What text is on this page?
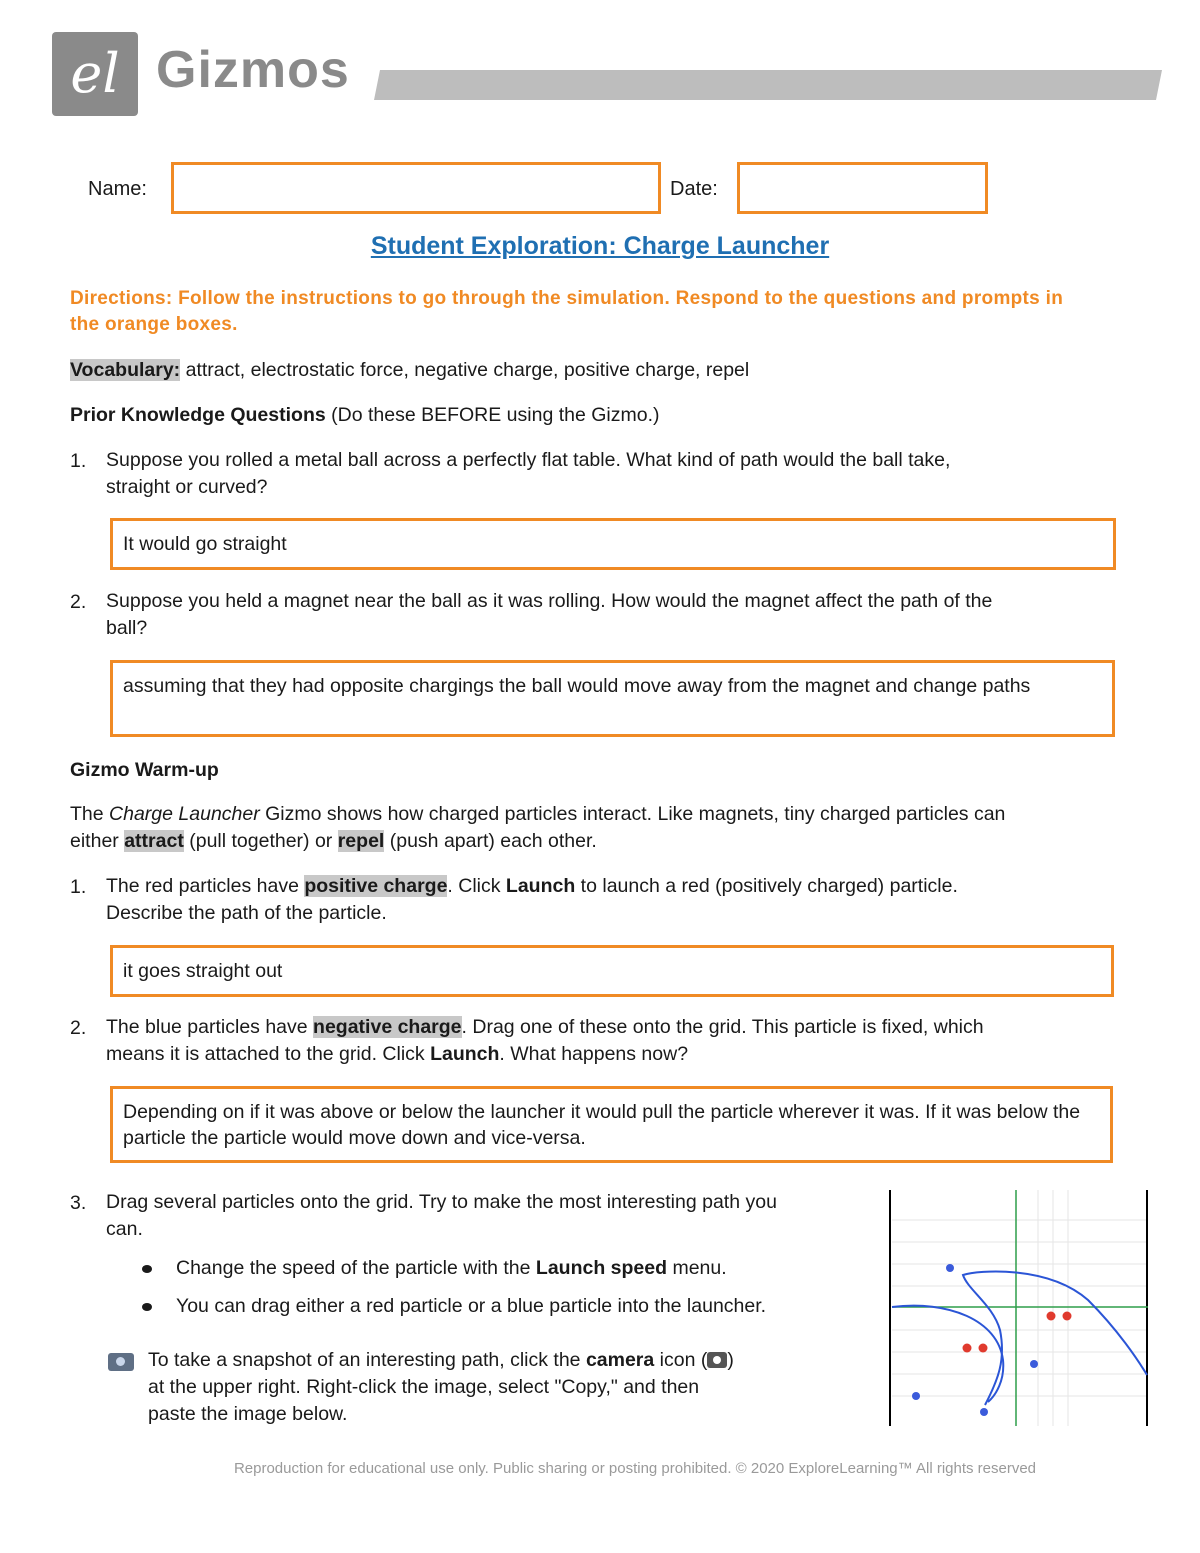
el Gizmos
Name:	Date:
Student Exploration: Charge Launcher
Directions: Follow the instructions to go through the simulation. Respond to the questions and prompts in the orange boxes.
Vocabulary: attract, electrostatic force, negative charge, positive charge, repel
Prior Knowledge Questions (Do these BEFORE using the Gizmo.)
1. Suppose you rolled a metal ball across a perfectly flat table. What kind of path would the ball take,
straight or curved?
It would go straight
2. Suppose you held a magnet near the ball as it was rolling. How would the magnet affect the path of the
ball?
assuming that they had opposite chargings the ball would move away from the magnet and change paths
Gizmo Warm-up
The Charge Launcher Gizmo shows how charged particles interact. Like magnets, tiny charged particles can
either attract (pull together) or repel (push apart) each other.
1. The red particles have positive charge. Click Launch to launch a red (positively charged) particle.
Describe the path of the particle.
it goes straight out
2. The blue particles have negative charge. Drag one of these onto the grid. This particle is fixed, which
means it is attached to the grid. Click Launch. What happens now?
Depending on if it was above or below the launcher it would pull the particle wherever it was. If it was below the particle the particle would move down and vice-versa.
3. Drag several particles onto the grid. Try to make the most interesting path you
can.
Change the speed of the particle with the Launch speed menu.
You can drag either a red particle or a blue particle into the launcher.
To take a snapshot of an interesting path, click the camera icon ( )
at the upper right. Right-click the image, select "Copy," and then
paste the image below.
Reproduction for educational use only. Public sharing or posting prohibited. © 2020 ExploreLearning™ All rights reserved
